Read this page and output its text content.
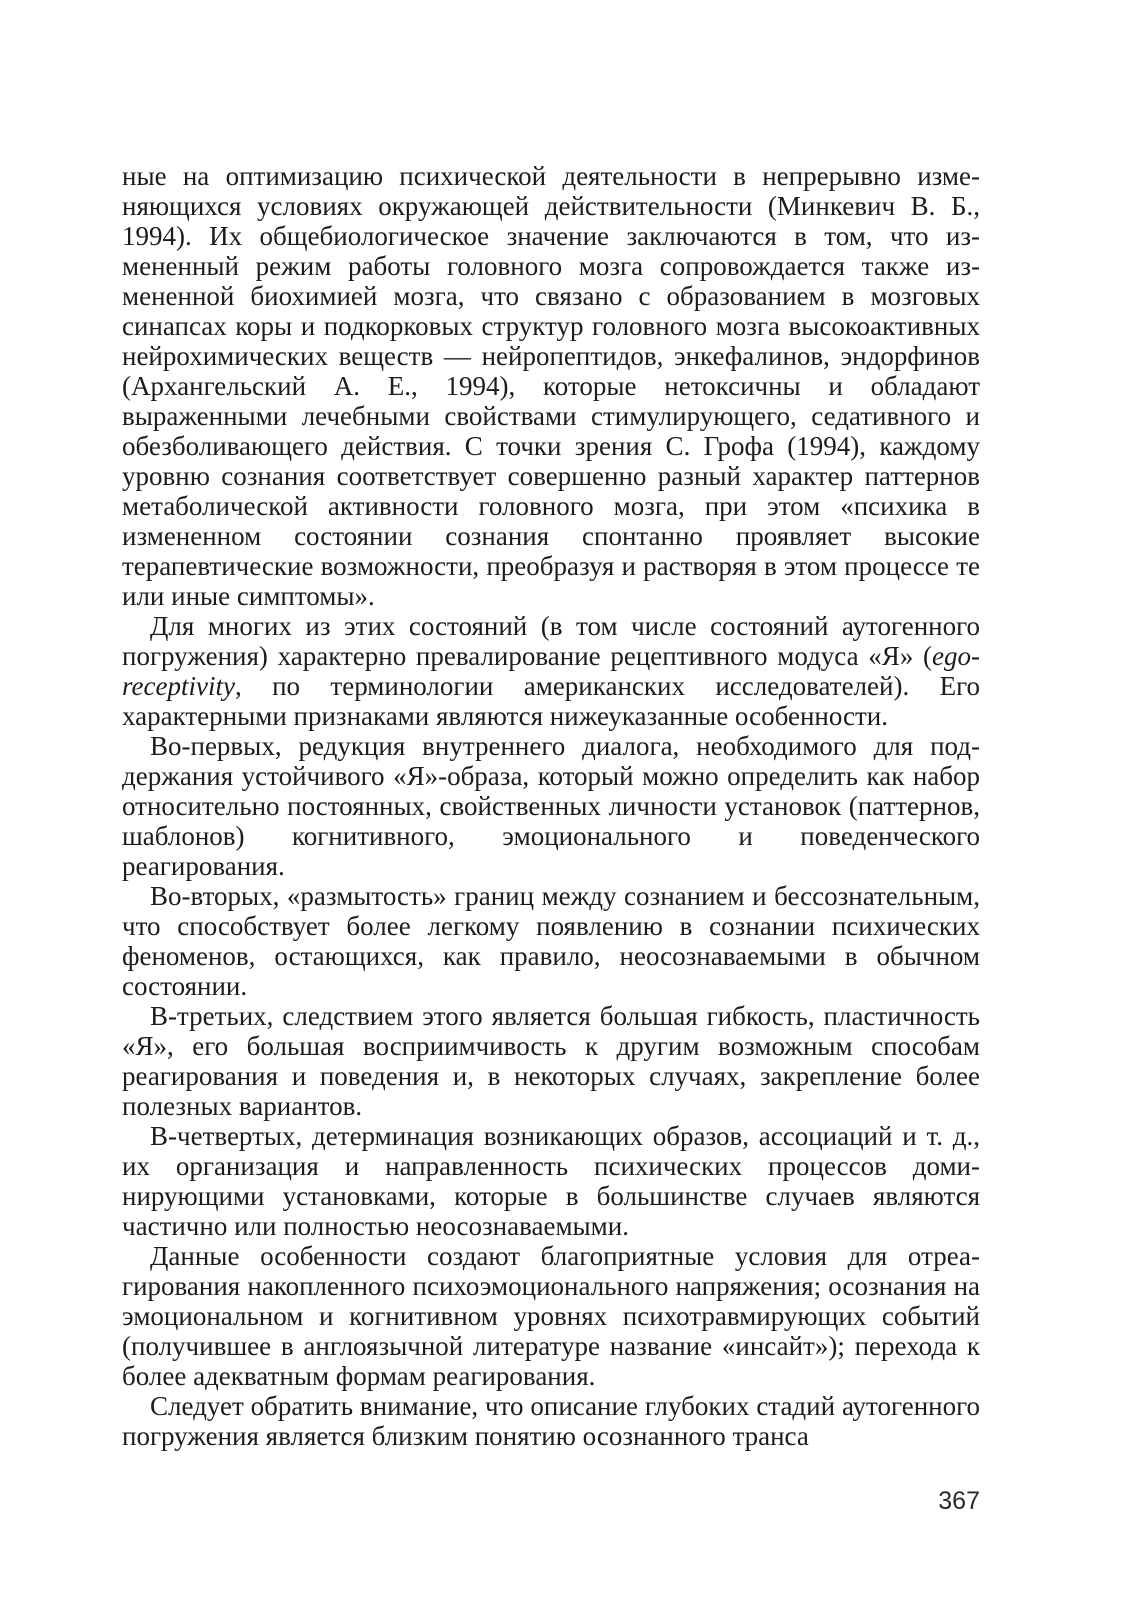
ные на оптимизацию психической деятельности в непрерывно изменяющихся условиях окружающей действительности (Минкевич В. Б., 1994). Их общебиологическое значение заключаются в том, что измененный режим работы головного мозга сопровождается также измененной биохимией мозга, что связано с образованием в мозговых синапсах коры и подкорковых структур головного мозга высокоактивных нейрохимических веществ — нейропептидов, энкефалинов, эндорфинов (Архангельский А. Е., 1994), которые нетоксичны и обладают выраженными лечебными свойствами стимулирующего, седативного и обезболивающего действия. С точки зрения С. Грофа (1994), каждому уровню сознания соответствует совершенно разный характер паттернов метаболической активности головного мозга, при этом «психика в измененном состоянии сознания спонтанно проявляет высокие терапевтические возможности, преобразуя и растворяя в этом процессе те или иные симптомы».

Для многих из этих состояний (в том числе состояний аутогенного погружения) характерно превалирование рецептивного модуса «Я» (ego-receptivity, по терминологии американских исследователей). Его характерными признаками являются нижеуказанные особенности.

Во-первых, редукция внутреннего диалога, необходимого для поддержания устойчивого «Я»-образа, который можно определить как набор относительно постоянных, свойственных личности установок (паттернов, шаблонов) когнитивного, эмоционального и поведенческого реагирования.

Во-вторых, «размытость» границ между сознанием и бессознательным, что способствует более легкому появлению в сознании психических феноменов, остающихся, как правило, неосознаваемыми в обычном состоянии.

В-третьих, следствием этого является большая гибкость, пластичность «Я», его большая восприимчивость к другим возможным способам реагирования и поведения и, в некоторых случаях, закрепление более полезных вариантов.

В-четвертых, детерминация возникающих образов, ассоциаций и т. д., их организация и направленность психических процессов доминирующими установками, которые в большинстве случаев являются частично или полностью неосознаваемыми.

Данные особенности создают благоприятные условия для отреагирования накопленного психоэмоционального напряжения; осознания на эмоциональном и когнитивном уровнях психотравмирующих событий (получившее в англоязычной литературе название «инсайт»); перехода к более адекватным формам реагирования.

Следует обратить внимание, что описание глубоких стадий аутогенного погружения является близким понятию осознанного транса

367
